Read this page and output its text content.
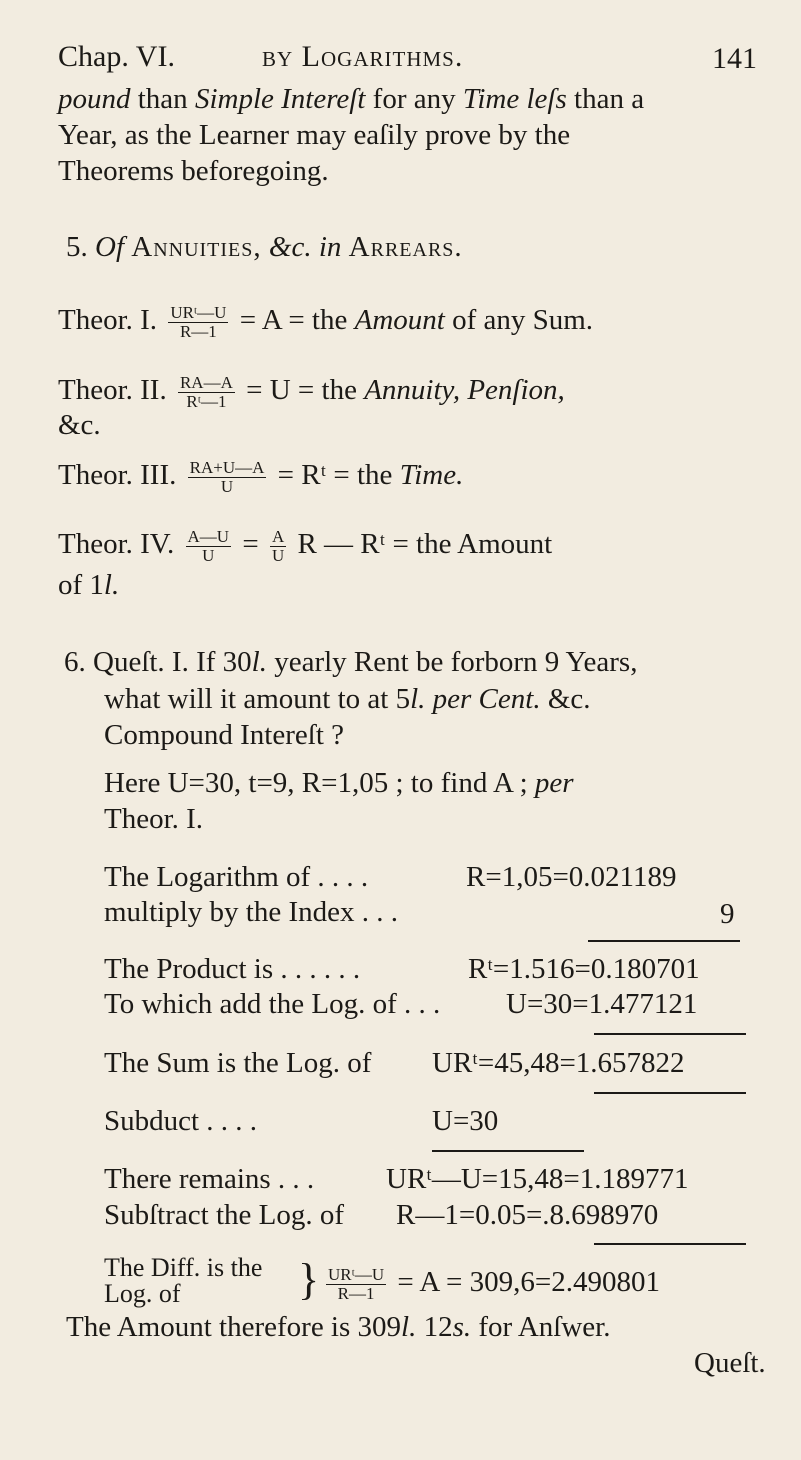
Chap. VI.	by Logarithms.	141
pound than Simple Intereſt for any Time leſs than a
Year, as the Learner may eaſily prove by the
Theorems beforegoing.
5. Of Annuities, &c. in Arrears.
Theor. I. $\frac{\text{URᵗ—U}}{R—1} = A$ = the Amount of any Sum.
Theor. II. $\frac{RA—A}{\text{Rᵗ—1}} = U$ = the Annuity, Penſion,
&c.
Theor. III. $\frac{RA+U—A}{U}$ = Rᵗ = the Time.
Theor. IV. $\frac{A—U}{U} = \frac{A}{U}$ R — Rᵗ = the Amount
of 1l.
6. Queſt. I. If 30l. yearly Rent be forborn 9 Years,
what will it amount to at 5l. per Cent. &c.
Compound Intereſt ?
Here U=30, t=9, R=1,05 ; to find A ; per
Theor. I.
The Logarithm of . . . .	R=1,05=0.021189
multiply by the Index . . .	9
The Product is . . . . . .	Rᵗ=1.516=0.180701
To which add the Log. of . . . U=30=1.477121
The Sum is the Log. of URᵗ=45,48=1.657822
Subduct . . . .	U=30
There remains . . . URᵗ—U=15,48=1.189771
Subſtract the Log. of R—1=0.05=.8.698970
The Diff. is the
Log. of	} $\frac{\text{URᵗ—U}}{R—1} = A = 309,6=2.490801$
The Amount therefore is 309l. 12s. for Anſwer.
Queſt.
